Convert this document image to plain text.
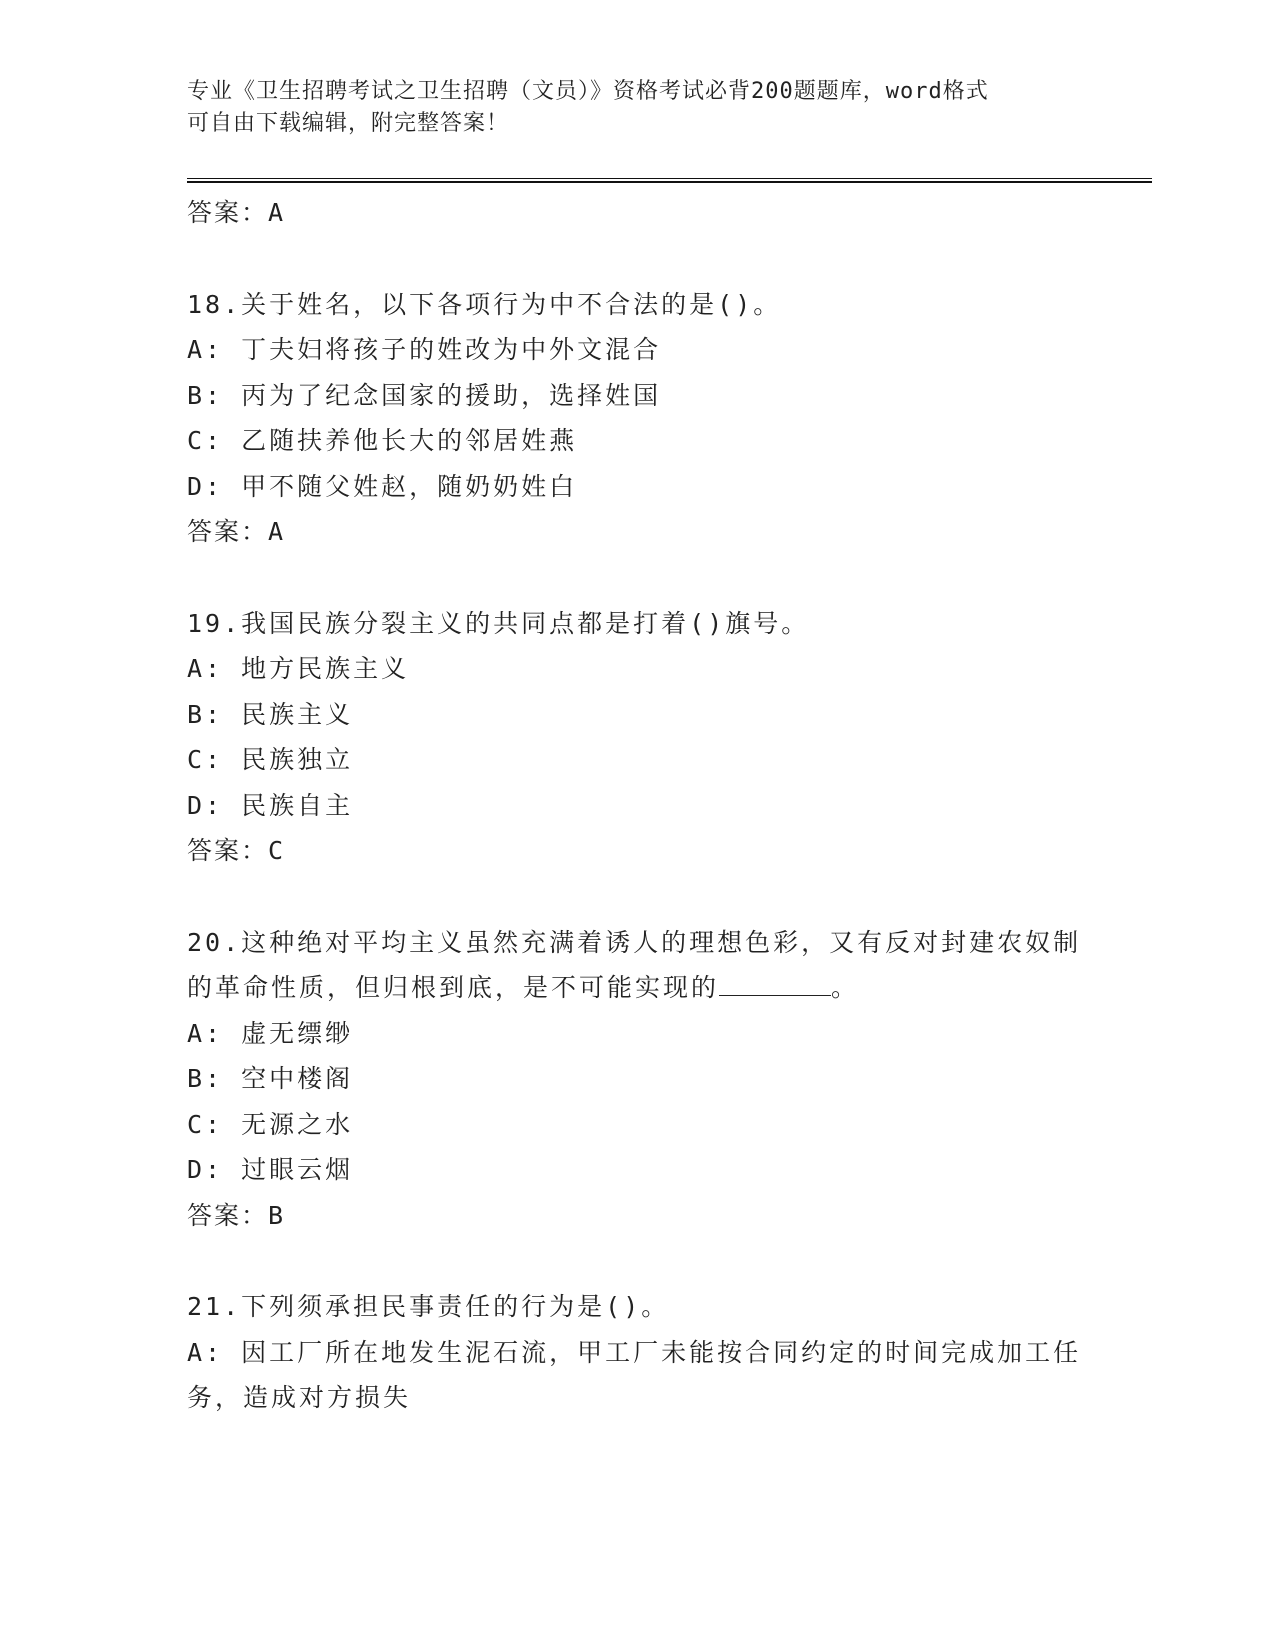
专业《卫生招聘考试之卫生招聘（文员）》资格考试必背200题题库，word格式
可自由下载编辑，附完整答案！
答案：A
18.关于姓名，以下各项行为中不合法的是()。
A: 丁夫妇将孩子的姓改为中外文混合
B: 丙为了纪念国家的援助，选择姓国
C: 乙随扶养他长大的邻居姓燕
D: 甲不随父姓赵，随奶奶姓白
答案：A
19.我国民族分裂主义的共同点都是打着()旗号。
A: 地方民族主义
B: 民族主义
C: 民族独立
D: 民族自主
答案：C
20.这种绝对平均主义虽然充满着诱人的理想色彩，又有反对封建农奴制的革命性质，但归根到底，是不可能实现的	。
A: 虚无缥缈
B: 空中楼阁
C: 无源之水
D: 过眼云烟
答案：B
21.下列须承担民事责任的行为是()。
A: 因工厂所在地发生泥石流，甲工厂未能按合同约定的时间完成加工任务，造成对方损失
